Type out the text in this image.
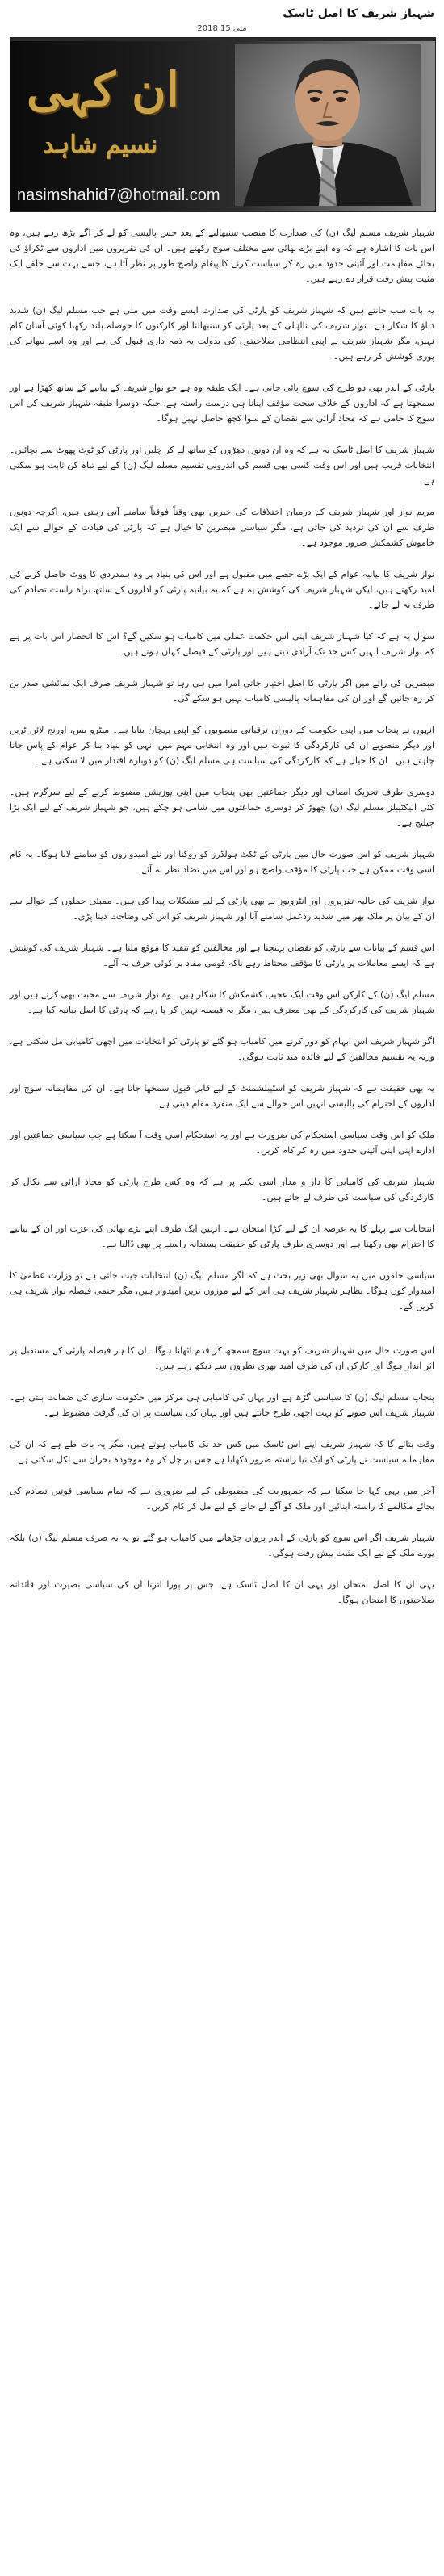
شہباز شریف کا اصل ٹاسک
2018 مئی 15
ان کہی
نسیم شاہد
nasimshahid7@hotmail.com

شہباز شریف مسلم لیگ (ن) کی صدارت کا منصب سنبھالنے کے بعد جس پالیسی کو لے کر آگے بڑھ رہے ہیں، وہ اس بات کا اشارہ ہے کہ وہ اپنے بڑے بھائی سے مختلف سوچ رکھتے ہیں۔ ان کی تقریروں میں اداروں سے ٹکراؤ کی بجائے مفاہمت اور آئینی حدود میں رہ کر سیاست کرنے کا پیغام واضح طور پر نظر آتا ہے، جسے بہت سے حلقے ایک مثبت پیش رفت قرار دے رہے ہیں۔

یہ بات سب جانتے ہیں کہ شہباز شریف کو پارٹی کی صدارت ایسے وقت میں ملی ہے جب مسلم لیگ (ن) شدید دباؤ کا شکار ہے۔ نواز شریف کی نااہلی کے بعد پارٹی کو سنبھالنا اور کارکنوں کا حوصلہ بلند رکھنا کوئی آسان کام نہیں، مگر شہباز شریف نے اپنی انتظامی صلاحیتوں کی بدولت یہ ذمہ داری قبول کی ہے اور وہ اسے نبھانے کی پوری کوشش کر رہے ہیں۔

پارٹی کے اندر بھی دو طرح کی سوچ پائی جاتی ہے۔ ایک طبقہ وہ ہے جو نواز شریف کے بیانیے کے ساتھ کھڑا ہے اور سمجھتا ہے کہ اداروں کے خلاف سخت مؤقف اپنانا ہی درست راستہ ہے، جبکہ دوسرا طبقہ شہباز شریف کی اس سوچ کا حامی ہے کہ محاذ آرائی سے نقصان کے سوا کچھ حاصل نہیں ہوگا۔

شہباز شریف کا اصل ٹاسک یہ ہے کہ وہ ان دونوں دھڑوں کو ساتھ لے کر چلیں اور پارٹی کو ٹوٹ پھوٹ سے بچائیں۔ انتخابات قریب ہیں اور اس وقت کسی بھی قسم کی اندرونی تقسیم مسلم لیگ (ن) کے لیے تباہ کن ثابت ہو سکتی ہے۔

مریم نواز اور شہباز شریف کے درمیان اختلافات کی خبریں بھی وقتاً فوقتاً سامنے آتی رہتی ہیں، اگرچہ دونوں طرف سے ان کی تردید کی جاتی ہے، مگر سیاسی مبصرین کا خیال ہے کہ پارٹی کی قیادت کے حوالے سے ایک خاموش کشمکش ضرور موجود ہے۔

نواز شریف کا بیانیہ عوام کے ایک بڑے حصے میں مقبول ہے اور اس کی بنیاد پر وہ ہمدردی کا ووٹ حاصل کرنے کی امید رکھتے ہیں، لیکن شہباز شریف کی کوشش یہ ہے کہ یہ بیانیہ پارٹی کو اداروں کے ساتھ براہ راست تصادم کی طرف نہ لے جائے۔

سوال یہ ہے کہ کیا شہباز شریف اپنی اس حکمت عملی میں کامیاب ہو سکیں گے؟ اس کا انحصار اس بات پر ہے کہ نواز شریف انہیں کس حد تک آزادی دیتے ہیں اور پارٹی کے فیصلے کہاں ہوتے ہیں۔

مبصرین کی رائے میں اگر پارٹی کا اصل اختیار جاتی امرا میں ہی رہا تو شہباز شریف صرف ایک نمائشی صدر بن کر رہ جائیں گے اور ان کی مفاہمانہ پالیسی کامیاب نہیں ہو سکے گی۔

انہوں نے پنجاب میں اپنی حکومت کے دوران ترقیاتی منصوبوں کو اپنی پہچان بنایا ہے۔ میٹرو بس، اورنج لائن ٹرین اور دیگر منصوبے ان کی کارکردگی کا ثبوت ہیں اور وہ انتخابی مہم میں انہی کو بنیاد بنا کر عوام کے پاس جانا چاہتے ہیں۔ ان کا خیال ہے کہ کارکردگی کی سیاست ہی مسلم لیگ (ن) کو دوبارہ اقتدار میں لا سکتی ہے۔

دوسری طرف تحریک انصاف اور دیگر جماعتیں بھی پنجاب میں اپنی پوزیشن مضبوط کرنے کے لیے سرگرم ہیں۔ کئی الیکٹیبلز مسلم لیگ (ن) چھوڑ کر دوسری جماعتوں میں شامل ہو چکے ہیں، جو شہباز شریف کے لیے ایک بڑا چیلنج ہے۔

شہباز شریف کو اس صورت حال میں پارٹی کے ٹکٹ ہولڈرز کو روکنا اور نئے امیدواروں کو سامنے لانا ہوگا۔ یہ کام اسی وقت ممکن ہے جب پارٹی کا مؤقف واضح ہو اور اس میں تضاد نظر نہ آئے۔

نواز شریف کی حالیہ تقریروں اور انٹرویوز نے بھی پارٹی کے لیے مشکلات پیدا کی ہیں۔ ممبئی حملوں کے حوالے سے ان کے بیان پر ملک بھر میں شدید ردعمل سامنے آیا اور شہباز شریف کو اس کی وضاحت دینا پڑی۔

اس قسم کے بیانات سے پارٹی کو نقصان پہنچتا ہے اور مخالفین کو تنقید کا موقع ملتا ہے۔ شہباز شریف کی کوشش ہے کہ ایسے معاملات پر پارٹی کا مؤقف محتاط رہے تاکہ قومی مفاد پر کوئی حرف نہ آئے۔

مسلم لیگ (ن) کے کارکن اس وقت ایک عجیب کشمکش کا شکار ہیں۔ وہ نواز شریف سے محبت بھی کرتے ہیں اور شہباز شریف کی کارکردگی کے بھی معترف ہیں، مگر یہ فیصلہ نہیں کر پا رہے کہ پارٹی کا اصل بیانیہ کیا ہے۔

اگر شہباز شریف اس ابہام کو دور کرنے میں کامیاب ہو گئے تو پارٹی کو انتخابات میں اچھی کامیابی مل سکتی ہے، ورنہ یہ تقسیم مخالفین کے لیے فائدہ مند ثابت ہوگی۔

یہ بھی حقیقت ہے کہ شہباز شریف کو اسٹیبلشمنٹ کے لیے قابل قبول سمجھا جاتا ہے۔ ان کی مفاہمانہ سوچ اور اداروں کے احترام کی پالیسی انہیں اس حوالے سے ایک منفرد مقام دیتی ہے۔

ملک کو اس وقت سیاسی استحکام کی ضرورت ہے اور یہ استحکام اسی وقت آ سکتا ہے جب سیاسی جماعتیں اور ادارے اپنی اپنی آئینی حدود میں رہ کر کام کریں۔

شہباز شریف کی کامیابی کا دار و مدار اسی نکتے پر ہے کہ وہ کس طرح پارٹی کو محاذ آرائی سے نکال کر کارکردگی کی سیاست کی طرف لے جاتے ہیں۔

انتخابات سے پہلے کا یہ عرصہ ان کے لیے کڑا امتحان ہے۔ انہیں ایک طرف اپنے بڑے بھائی کی عزت اور ان کے بیانیے کا احترام بھی رکھنا ہے اور دوسری طرف پارٹی کو حقیقت پسندانہ راستے پر بھی ڈالنا ہے۔

سیاسی حلقوں میں یہ سوال بھی زیر بحث ہے کہ اگر مسلم لیگ (ن) انتخابات جیت جاتی ہے تو وزارت عظمیٰ کا امیدوار کون ہوگا۔ بظاہر شہباز شریف ہی اس کے لیے موزوں ترین امیدوار ہیں، مگر حتمی فیصلہ نواز شریف ہی کریں گے۔

اس صورت حال میں شہباز شریف کو بہت سوچ سمجھ کر قدم اٹھانا ہوگا۔ ان کا ہر فیصلہ پارٹی کے مستقبل پر اثر انداز ہوگا اور کارکن ان کی طرف امید بھری نظروں سے دیکھ رہے ہیں۔

پنجاب مسلم لیگ (ن) کا سیاسی گڑھ ہے اور یہاں کی کامیابی ہی مرکز میں حکومت سازی کی ضمانت بنتی ہے۔ شہباز شریف اس صوبے کو بہت اچھی طرح جانتے ہیں اور یہاں کی سیاست پر ان کی گرفت مضبوط ہے۔

وقت بتائے گا کہ شہباز شریف اپنے اس ٹاسک میں کس حد تک کامیاب ہوتے ہیں، مگر یہ بات طے ہے کہ ان کی مفاہمانہ سیاست نے پارٹی کو ایک نیا راستہ ضرور دکھایا ہے جس پر چل کر وہ موجودہ بحران سے نکل سکتی ہے۔

آخر میں یہی کہا جا سکتا ہے کہ جمہوریت کی مضبوطی کے لیے ضروری ہے کہ تمام سیاسی قوتیں تصادم کی بجائے مکالمے کا راستہ اپنائیں اور ملک کو آگے لے جانے کے لیے مل کر کام کریں۔

شہباز شریف اگر اس سوچ کو پارٹی کے اندر پروان چڑھانے میں کامیاب ہو گئے تو یہ نہ صرف مسلم لیگ (ن) بلکہ پورے ملک کے لیے ایک مثبت پیش رفت ہوگی۔

یہی ان کا اصل امتحان اور یہی ان کا اصل ٹاسک ہے، جس پر پورا اترنا ان کی سیاسی بصیرت اور قائدانہ صلاحیتوں کا امتحان ہوگا۔
